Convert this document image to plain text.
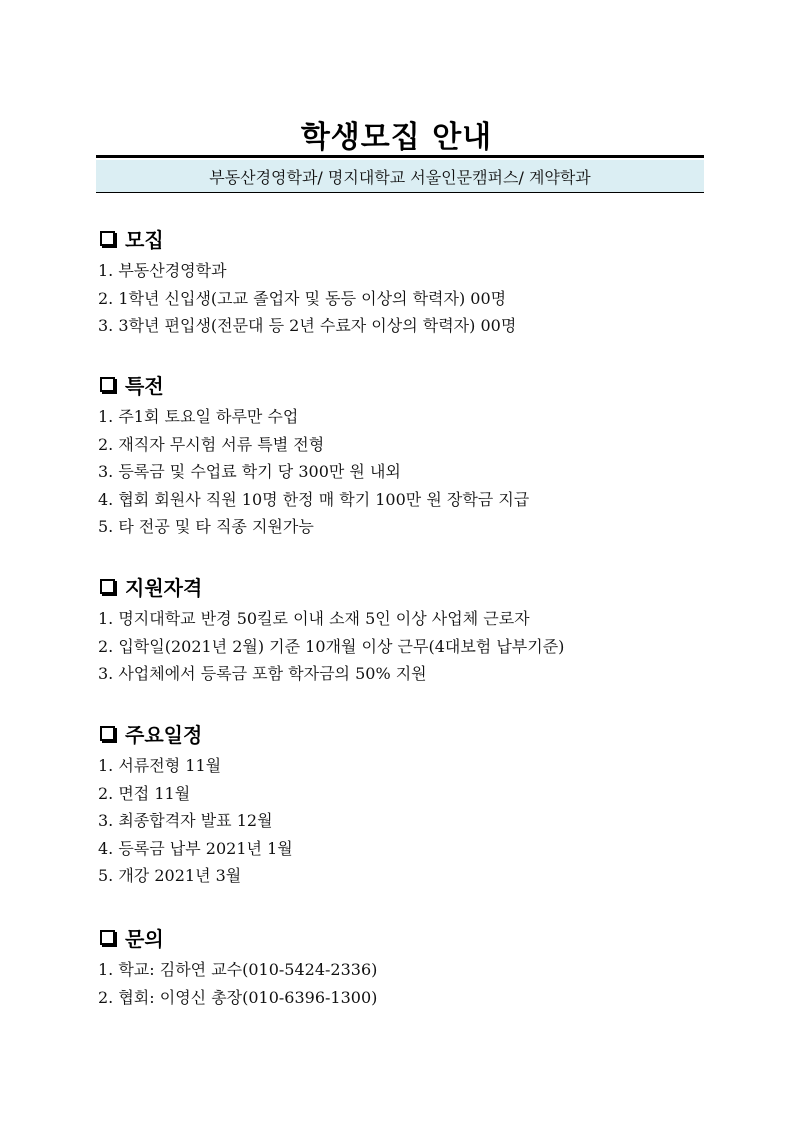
학생모집 안내
부동산경영학과/ 명지대학교 서울인문캠퍼스/ 계약학과
모집
1. 부동산경영학과
2. 1학년 신입생(고교 졸업자 및 동등 이상의 학력자) 00명
3. 3학년 편입생(전문대 등 2년 수료자 이상의 학력자) 00명
특전
1. 주1회 토요일 하루만 수업
2. 재직자 무시험 서류 특별 전형
3. 등록금 및 수업료 학기 당 300만 원 내외
4. 협회 회원사 직원 10명 한정 매 학기 100만 원 장학금 지급
5. 타 전공 및 타 직종 지원가능
지원자격
1. 명지대학교 반경 50킬로 이내 소재 5인 이상 사업체 근로자
2. 입학일(2021년 2월) 기준 10개월 이상 근무(4대보험 납부기준)
3. 사업체에서 등록금 포함 학자금의 50% 지원
주요일정
1. 서류전형 11월
2. 면접 11월
3. 최종합격자 발표 12월
4. 등록금 납부 2021년 1월
5. 개강 2021년 3월
문의
1. 학교: 김하연 교수(010-5424-2336)
2. 협회: 이영신 총장(010-6396-1300)
